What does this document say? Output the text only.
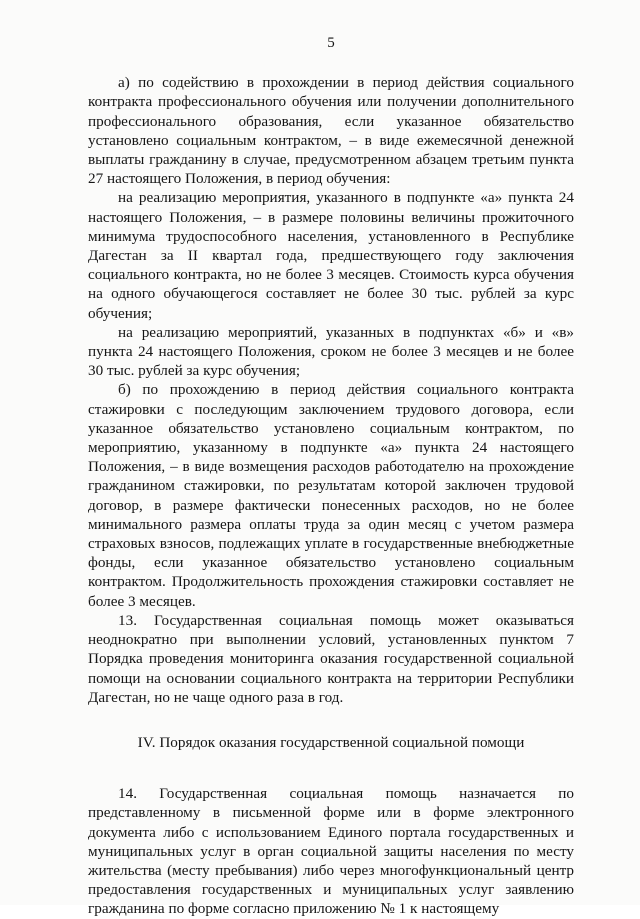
5

а) по содействию в прохождении в период действия социального контракта профессионального обучения или получении дополнительного профессионального образования, если указанное обязательство установлено социальным контрактом, – в виде ежемесячной денежной выплаты гражданину в случае, предусмотренном абзацем третьим пункта 27 настоящего Положения, в период обучения:

на реализацию мероприятия, указанного в подпункте «а» пункта 24 настоящего Положения, – в размере половины величины прожиточного минимума трудоспособного населения, установленного в Республике Дагестан за II квартал года, предшествующего году заключения социального контракта, но не более 3 месяцев. Стоимость курса обучения на одного обучающегося составляет не более 30 тыс. рублей за курс обучения;

на реализацию мероприятий, указанных в подпунктах «б» и «в» пункта 24 настоящего Положения, сроком не более 3 месяцев и не более 30 тыс. рублей за курс обучения;

б) по прохождению в период действия социального контракта стажировки с последующим заключением трудового договора, если указанное обязательство установлено социальным контрактом, по мероприятию, указанному в подпункте «а» пункта 24 настоящего Положения, – в виде возмещения расходов работодателю на прохождение гражданином стажировки, по результатам которой заключен трудовой договор, в размере фактически понесенных расходов, но не более минимального размера оплаты труда за один месяц с учетом размера страховых взносов, подлежащих уплате в государственные внебюджетные фонды, если указанное обязательство установлено социальным контрактом. Продолжительность прохождения стажировки составляет не более 3 месяцев.

13. Государственная социальная помощь может оказываться неоднократно при выполнении условий, установленных пунктом 7 Порядка проведения мониторинга оказания государственной социальной помощи на основании социального контракта на территории Республики Дагестан, но не чаще одного раза в год.

IV. Порядок оказания государственной социальной помощи

14. Государственная социальная помощь назначается по представленному в письменной форме или в форме электронного документа либо с использованием Единого портала государственных и муниципальных услуг в орган социальной защиты населения по месту жительства (месту пребывания) либо через многофункциональный центр предоставления государственных и муниципальных услуг заявлению гражданина по форме согласно приложению № 1 к настоящему
